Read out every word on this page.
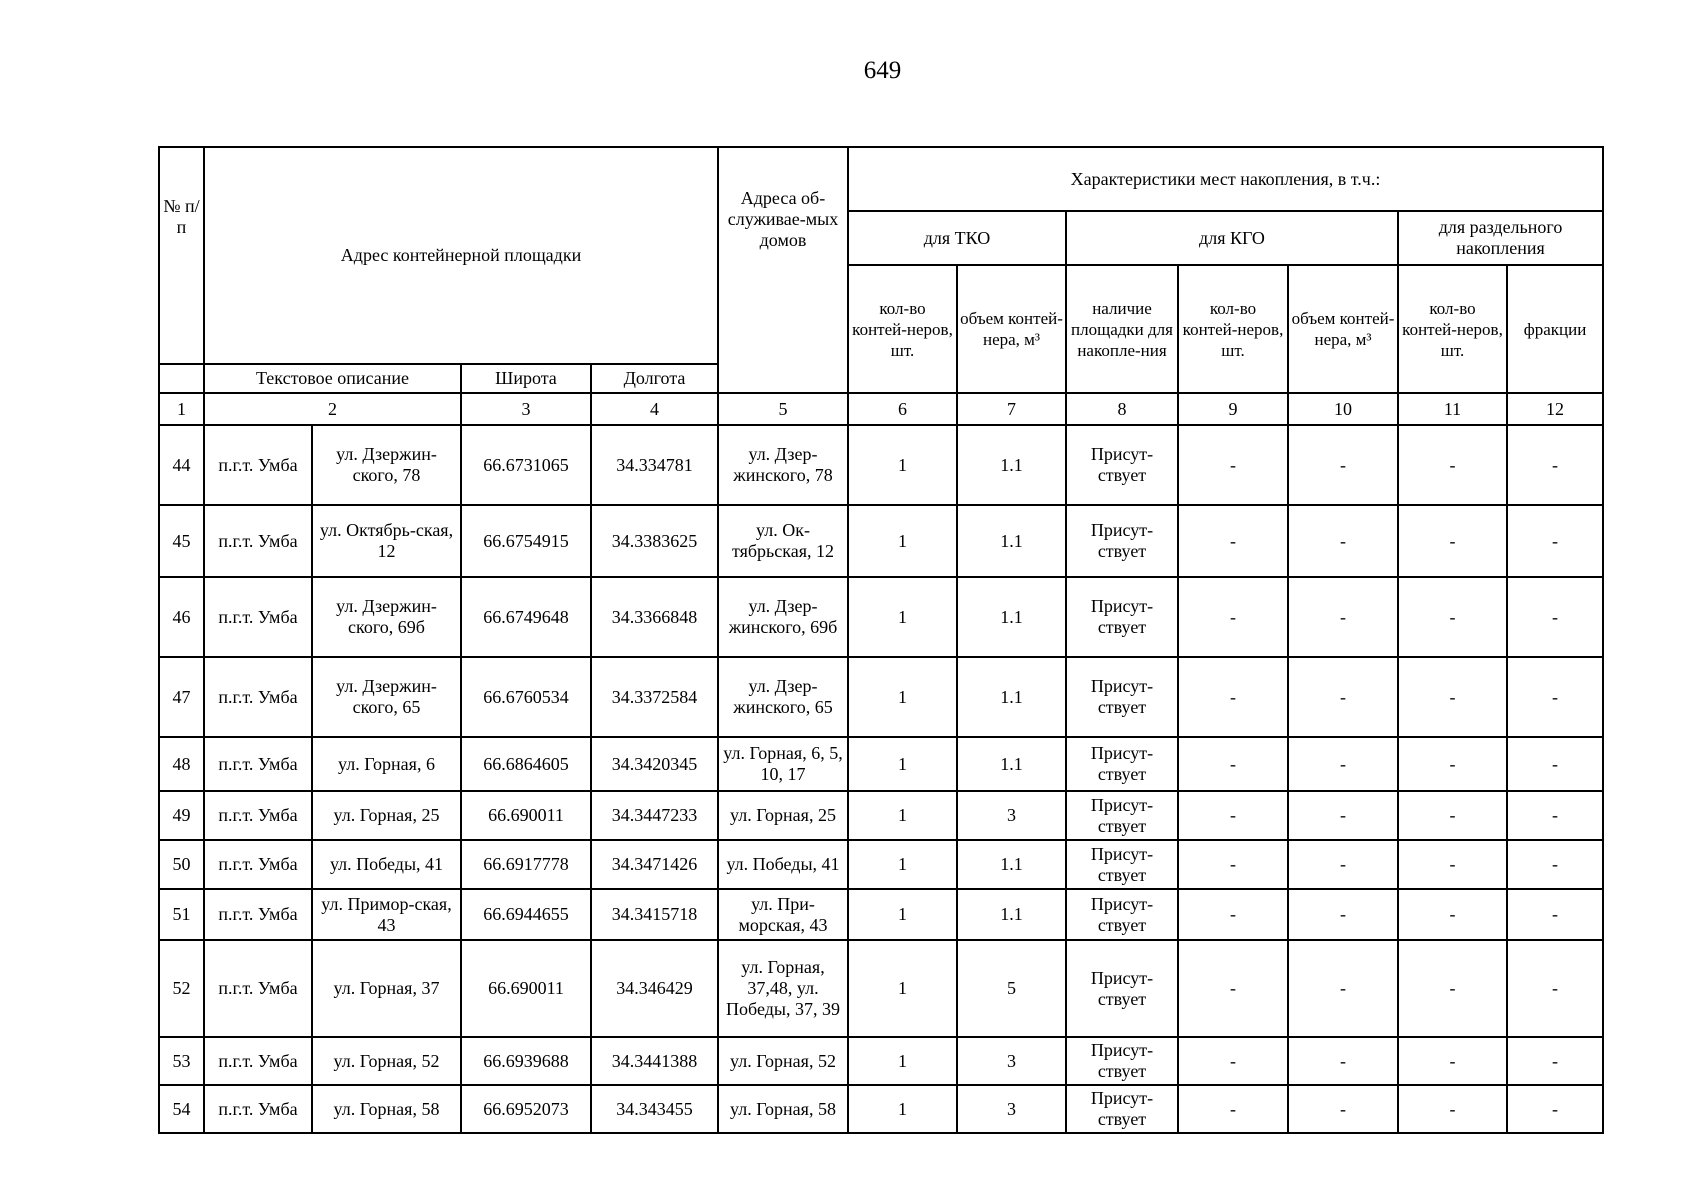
649
№ п/п	Адрес контейнерной площадки				Адреса об-служивае-мых домов	Характеристики мест накопления, в т.ч.:						
						для ТКО		для КГО			для раздельного накопления	
						кол-во контей-неров, шт.	объем контей-нера, м³	наличие площадки для накопле-ния	кол-во контей-неров, шт.	объем контей-нера, м³	кол-во контей-неров, шт.	фракции
	Текстовое описание		Широта	Долгота								
1	2		3	4	5	6	7	8	9	10	11	12
44	п.г.т. Умба	ул. Дзержин-ского, 78	66.6731065	34.334781	ул. Дзер-жинского, 78	1	1.1	Присут-ствует	-	-	-	-
45	п.г.т. Умба	ул. Октябрь-ская, 12	66.6754915	34.3383625	ул. Ок-тябрьская, 12	1	1.1	Присут-ствует	-	-	-	-
46	п.г.т. Умба	ул. Дзержин-ского, 69б	66.6749648	34.3366848	ул. Дзер-жинского, 69б	1	1.1	Присут-ствует	-	-	-	-
47	п.г.т. Умба	ул. Дзержин-ского, 65	66.6760534	34.3372584	ул. Дзер-жинского, 65	1	1.1	Присут-ствует	-	-	-	-
48	п.г.т. Умба	ул. Горная, 6	66.6864605	34.3420345	ул. Горная, 6, 5, 10, 17	1	1.1	Присут-ствует	-	-	-	-
49	п.г.т. Умба	ул. Горная, 25	66.690011	34.3447233	ул. Горная, 25	1	3	Присут-ствует	-	-	-	-
50	п.г.т. Умба	ул. Победы, 41	66.6917778	34.3471426	ул. Победы, 41	1	1.1	Присут-ствует	-	-	-	-
51	п.г.т. Умба	ул. Примор-ская, 43	66.6944655	34.3415718	ул. При-морская, 43	1	1.1	Присут-ствует	-	-	-	-
52	п.г.т. Умба	ул. Горная, 37	66.690011	34.346429	ул. Горная, 37,48, ул. Победы, 37, 39	1	5	Присут-ствует	-	-	-	-
53	п.г.т. Умба	ул. Горная, 52	66.6939688	34.3441388	ул. Горная, 52	1	3	Присут-ствует	-	-	-	-
54	п.г.т. Умба	ул. Горная, 58	66.6952073	34.343455	ул. Горная, 58	1	3	Присут-ствует	-	-	-	-
